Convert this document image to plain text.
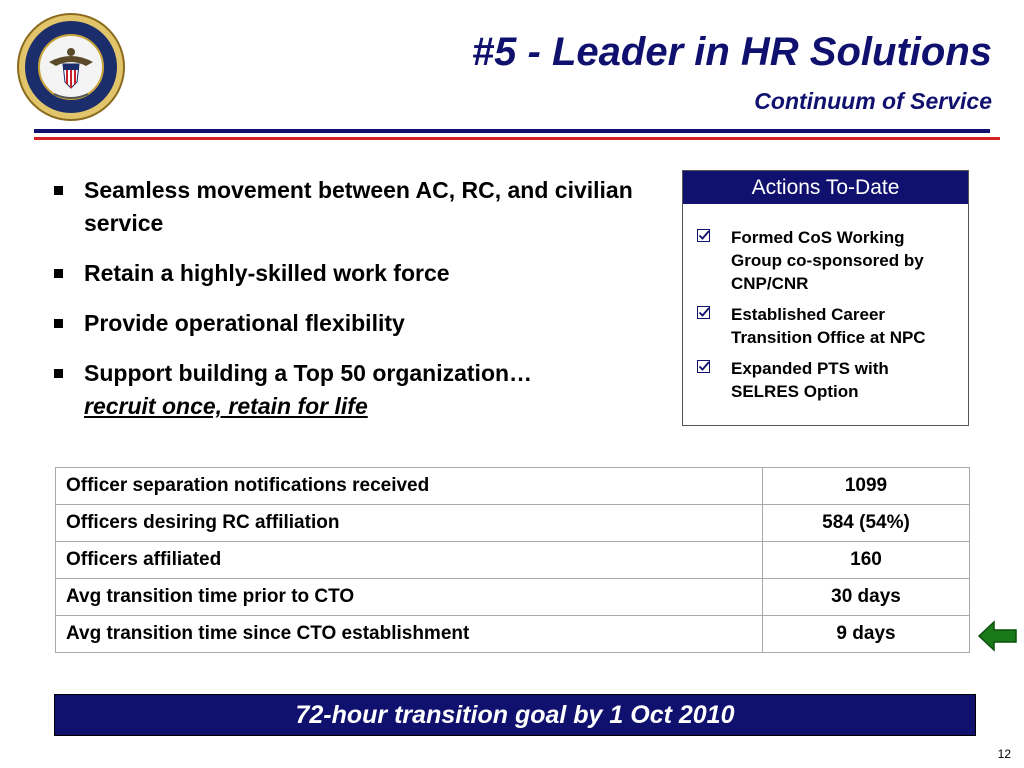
#5 - Leader in HR Solutions
Continuum of Service
Seamless movement between AC, RC, and civilian service
Retain a highly-skilled work force
Provide operational flexibility
Support building a Top 50 organization…
recruit once, retain for life
Actions To-Date
Formed CoS Working Group co-sponsored by CNP/CNR
Established Career Transition Office at NPC
Expanded PTS with SELRES Option
Officer separation notifications received	1099
Officers desiring RC affiliation	584 (54%)
Officers affiliated	160
Avg transition time prior to CTO	30 days
Avg transition time since CTO establishment	9 days
72-hour transition goal by 1 Oct 2010
12
